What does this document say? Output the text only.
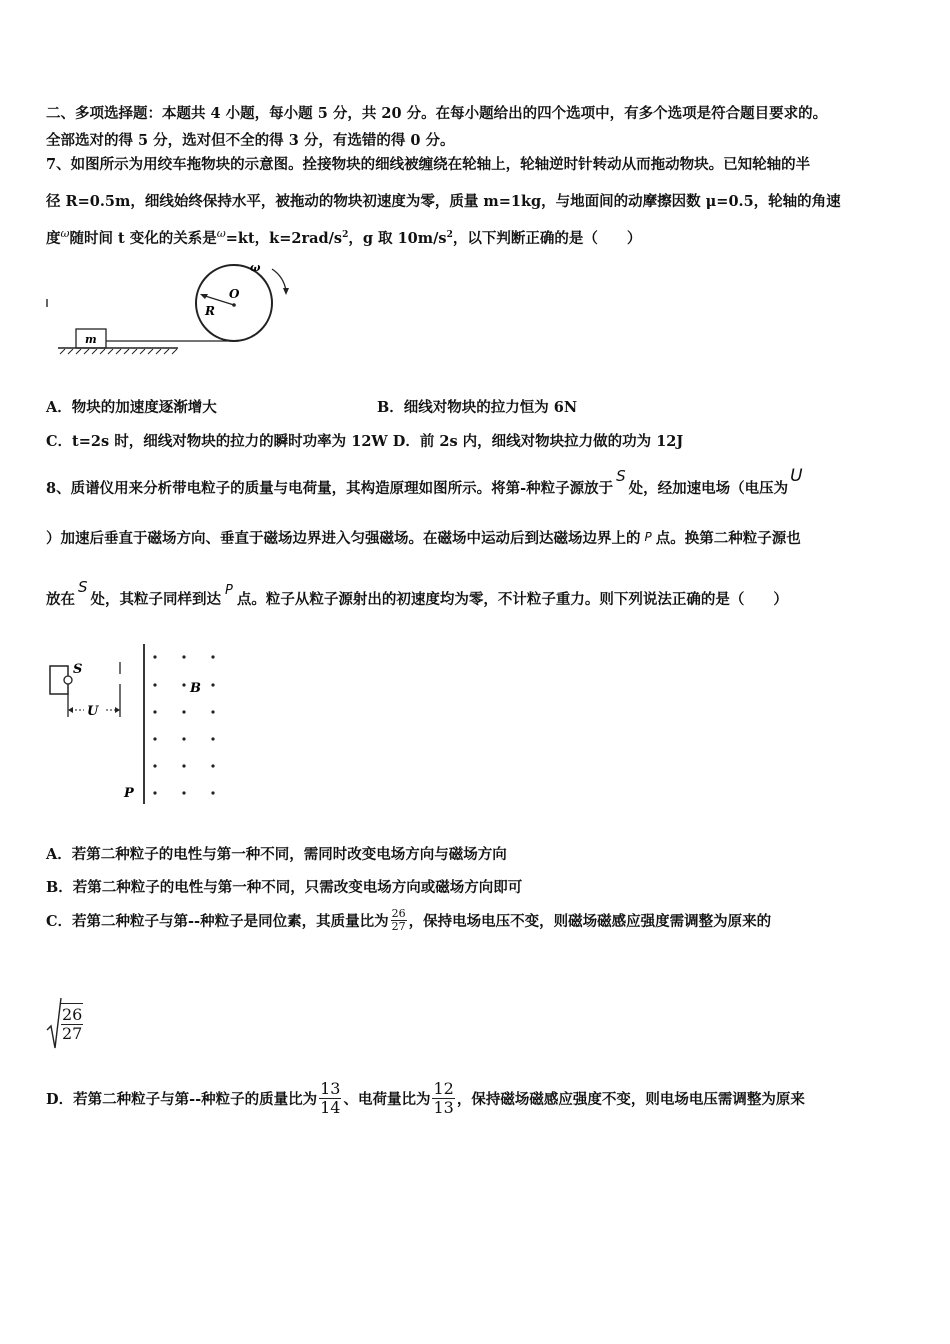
二、多项选择题：本题共 4 小题，每小题 5 分，共 20 分。在每小题给出的四个选项中，有多个选项是符合题目要求的。
全部选对的得 5 分，选对但不全的得 3 分，有选错的得 0 分。
7、如图所示为用绞车拖物块的示意图。拴接物块的细线被缠绕在轮轴上，轮轴逆时针转动从而拖动物块。已知轮轴的半
径 R=0.5m，细线始终保持水平，被拖动的物块初速度为零，质量 m=1kg，与地面间的动摩擦因数 μ=0.5，轮轴的角速
度$^\omega$随时间 t 变化的关系是$^\omega$=kt，$k=2rad/s^2$，g 取 $10m/s^2$，以下判断正确的是（　　）
O
R
ω
m
A．物块的加速度逐渐增大	B．细线对物块的拉力恒为 6N
C．t=2s 时，细线对物块的拉力的瞬时功率为 12W D．前 2s 内，细线对物块拉力做的功为 12J
8、质谱仪用来分析带电粒子的质量与电荷量，其构造原理如图所示。将第-种粒子源放于S处，经加速电场（电压为U
）加速后垂直于磁场方向、垂直于磁场边界进入匀强磁场。在磁场中运动后到达磁场边界上的 P 点。换第二种粒子源也
放在S处，其粒子同样到达P点。粒子从粒子源射出的初速度均为零，不计粒子重力。则下列说法正确的是（　　）
S
U
B
P
A．若第二种粒子的电性与第一种不同，需同时改变电场方向与磁场方向
B．若第二种粒子的电性与第一种不同，只需改变电场方向或磁场方向即可
C．若第二种粒子与第--种粒子是同位素，其质量比为 $\frac{26}{27}$ ，保持电场电压不变，则磁场磁感应强度需调整为原来的
$\frac{26}{27}$
D．若第二种粒子与第--种粒子的质量比为 $\frac{13}{14}$ 、电荷量比为 $\frac{12}{13}$ ，保持磁场磁感应强度不变，则电场电压需调整为原来
